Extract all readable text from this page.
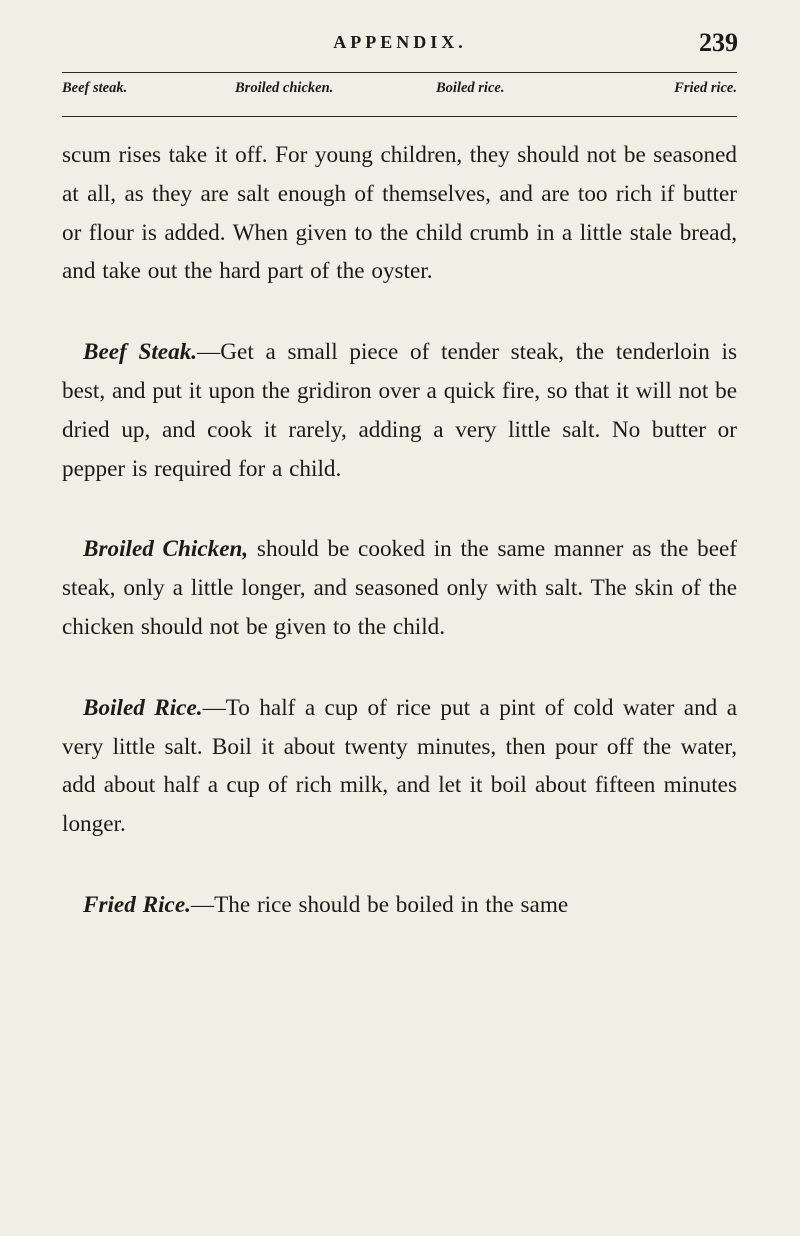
APPENDIX.	239
Beef steak.	Broiled chicken.	Boiled rice.	Fried rice.

scum rises take it off. For young children, they should not be seasoned at all, as they are salt enough of themselves, and are too rich if butter or flour is added. When given to the child crumb in a little stale bread, and take out the hard part of the oyster.

Beef Steak.—Get a small piece of tender steak, the tenderloin is best, and put it upon the gridiron over a quick fire, so that it will not be dried up, and cook it rarely, adding a very little salt. No butter or pepper is required for a child.

Broiled Chicken, should be cooked in the same manner as the beef steak, only a little longer, and seasoned only with salt. The skin of the chicken should not be given to the child.

Boiled Rice.—To half a cup of rice put a pint of cold water and a very little salt. Boil it about twenty minutes, then pour off the water, add about half a cup of rich milk, and let it boil about fifteen minutes longer.

Fried Rice.—The rice should be boiled in the same
